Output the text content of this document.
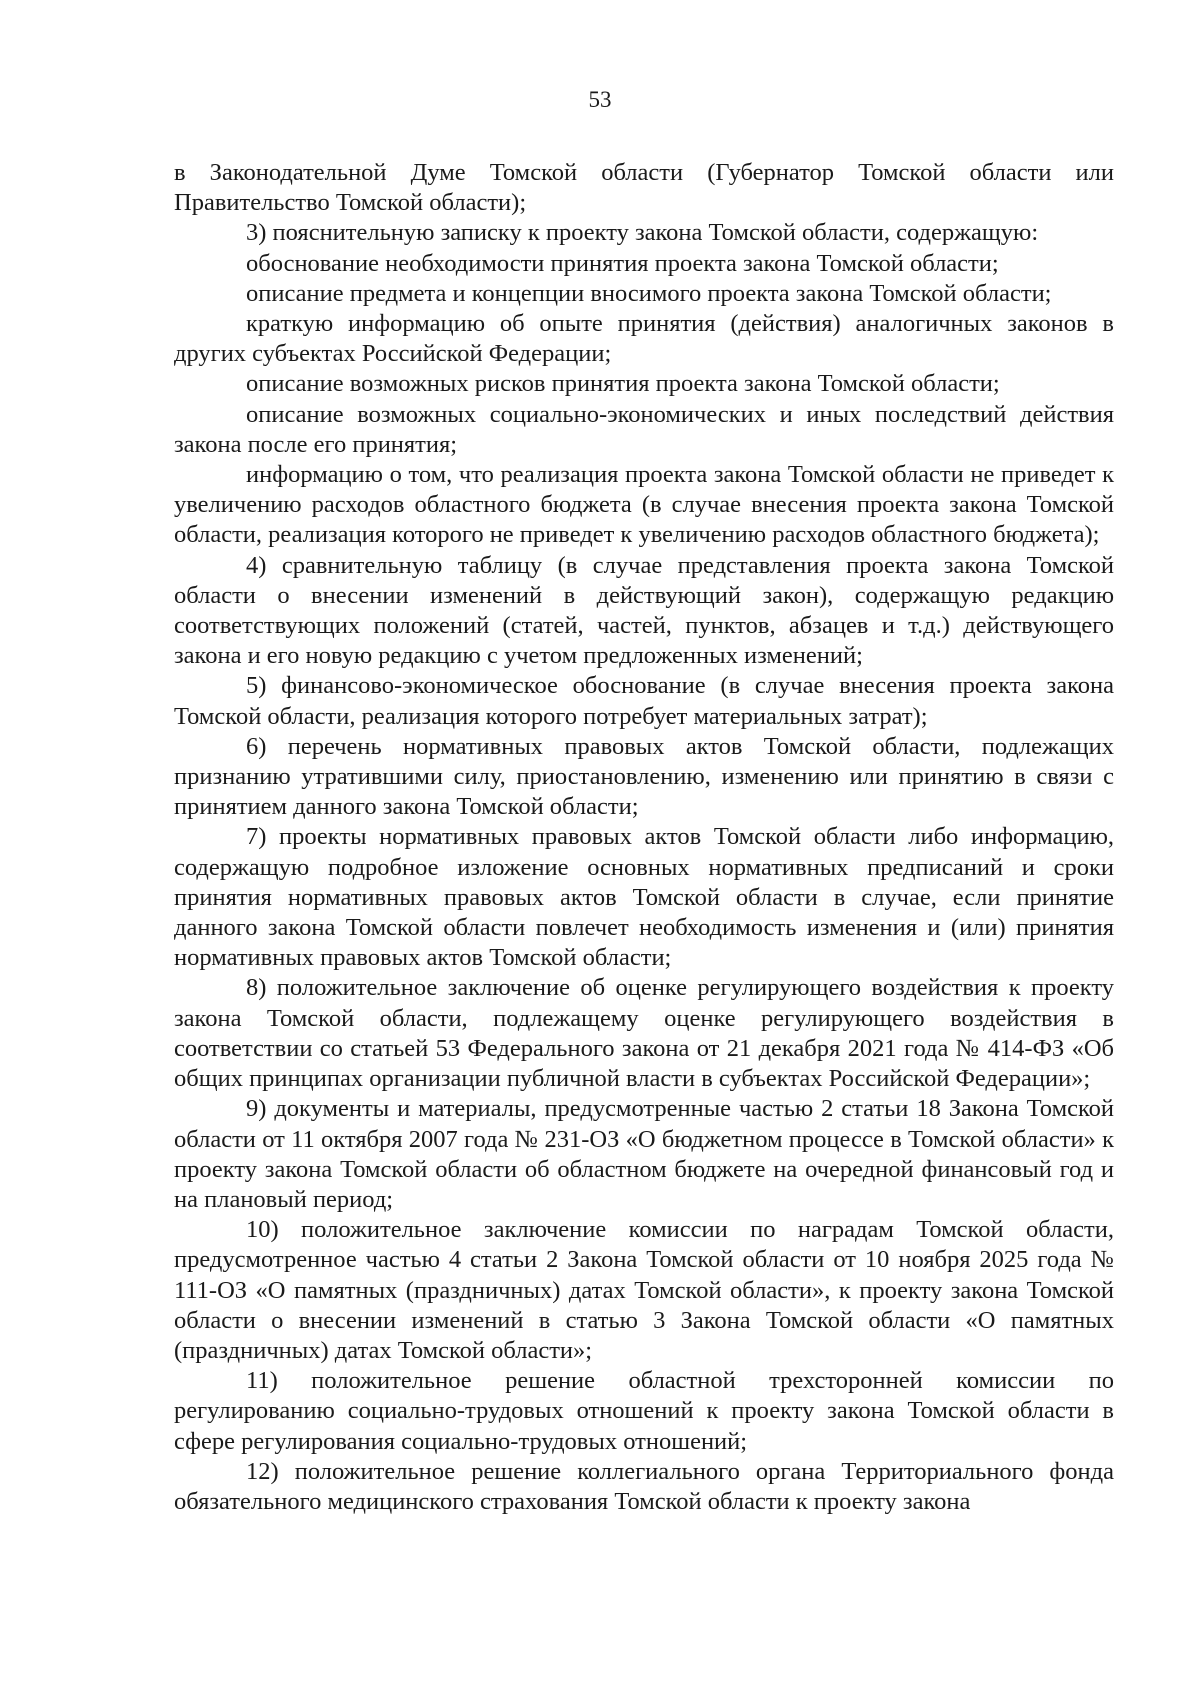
53

в Законодательной Думе Томской области (Губернатор Томской области или Правительство Томской области);

3) пояснительную записку к проекту закона Томской области, содержащую:

обоснование необходимости принятия проекта закона Томской области;

описание предмета и концепции вносимого проекта закона Томской области;

краткую информацию об опыте принятия (действия) аналогичных законов в других субъектах Российской Федерации;

описание возможных рисков принятия проекта закона Томской области;

описание возможных социально-экономических и иных последствий действия закона после его принятия;

информацию о том, что реализация проекта закона Томской области не приведет к увеличению расходов областного бюджета (в случае внесения проекта закона Томской области, реализация которого не приведет к увеличению расходов областного бюджета);

4) сравнительную таблицу (в случае представления проекта закона Томской области о внесении изменений в действующий закон), содержащую редакцию соответствующих положений (статей, частей, пунктов, абзацев и т.д.) действующего закона и его новую редакцию с учетом предложенных изменений;

5) финансово-экономическое обоснование (в случае внесения проекта закона Томской области, реализация которого потребует материальных затрат);

6) перечень нормативных правовых актов Томской области, подлежащих признанию утратившими силу, приостановлению, изменению или принятию в связи с принятием данного закона Томской области;

7) проекты нормативных правовых актов Томской области либо информацию, содержащую подробное изложение основных нормативных предписаний и сроки принятия нормативных правовых актов Томской области в случае, если принятие данного закона Томской области повлечет необходимость изменения и (или) принятия нормативных правовых актов Томской области;

8) положительное заключение об оценке регулирующего воздействия к проекту закона Томской области, подлежащему оценке регулирующего воздействия в соответствии со статьей 53 Федерального закона от 21 декабря 2021 года № 414-ФЗ «Об общих принципах организации публичной власти в субъектах Российской Федерации»;

9) документы и материалы, предусмотренные частью 2 статьи 18 Закона Томской области от 11 октября 2007 года № 231-ОЗ «О бюджетном процессе в Томской области» к проекту закона Томской области об областном бюджете на очередной финансовый год и на плановый период;

10) положительное заключение комиссии по наградам Томской области, предусмотренное частью 4 статьи 2 Закона Томской области от 10 ноября 2025 года № 111-ОЗ «О памятных (праздничных) датах Томской области», к проекту закона Томской области о внесении изменений в статью 3 Закона Томской области «О памятных (праздничных) датах Томской области»;

11) положительное решение областной трехсторонней комиссии по регулированию социально-трудовых отношений к проекту закона Томской области в сфере регулирования социально-трудовых отношений;

12) положительное решение коллегиального органа Территориального фонда обязательного медицинского страхования Томской области к проекту закона
